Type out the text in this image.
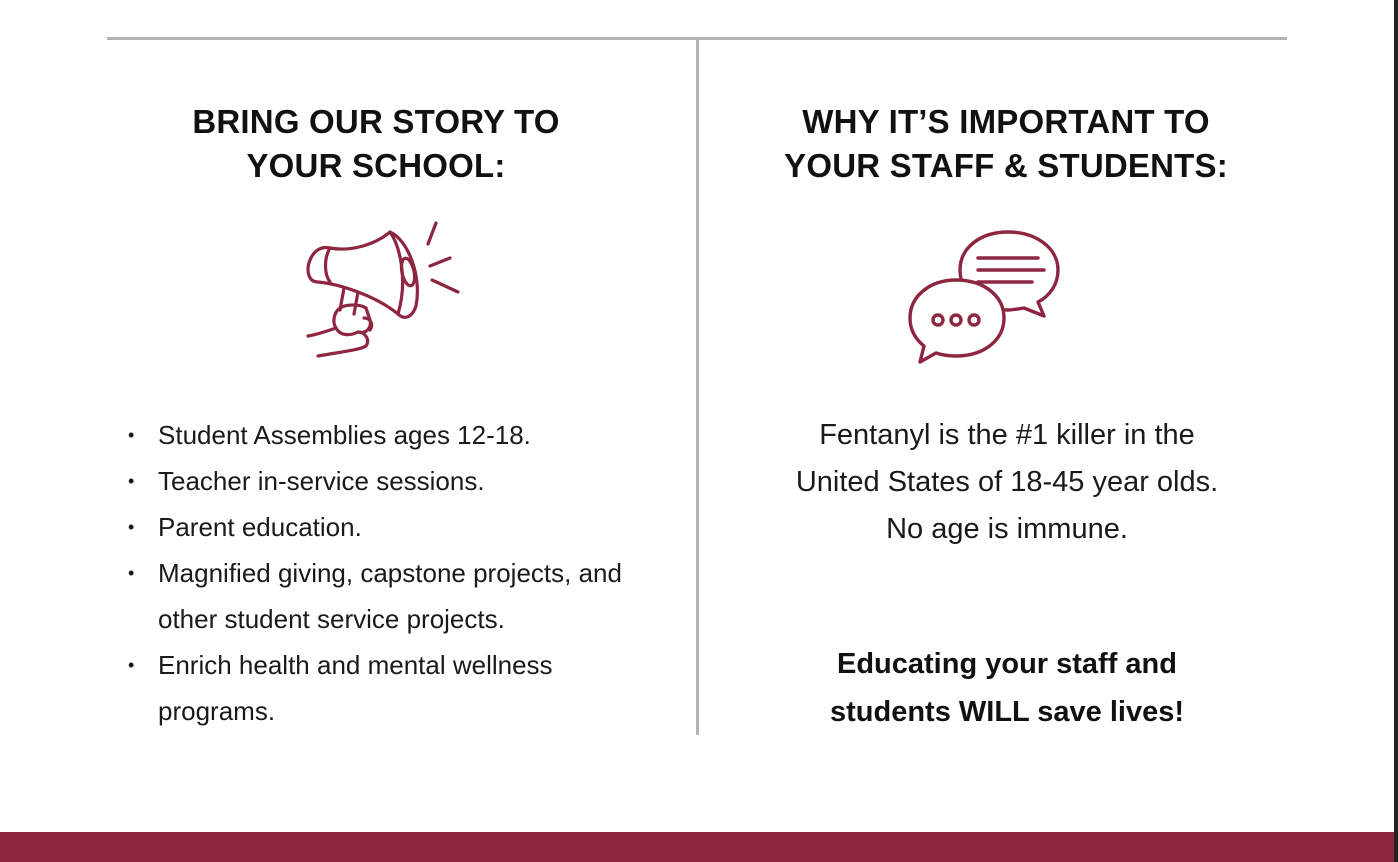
BRING OUR STORY TO
YOUR SCHOOL:
• Student Assemblies ages 12-18.
• Teacher in-service sessions.
• Parent education.
• Magnified giving, capstone projects, and other student service projects.
• Enrich health and mental wellness programs.
WHY IT’S IMPORTANT TO
YOUR STAFF & STUDENTS:

Fentanyl is the #1 killer in the
United States of 18-45 year olds.
No age is immune.

Educating your staff and
students WILL save lives!
